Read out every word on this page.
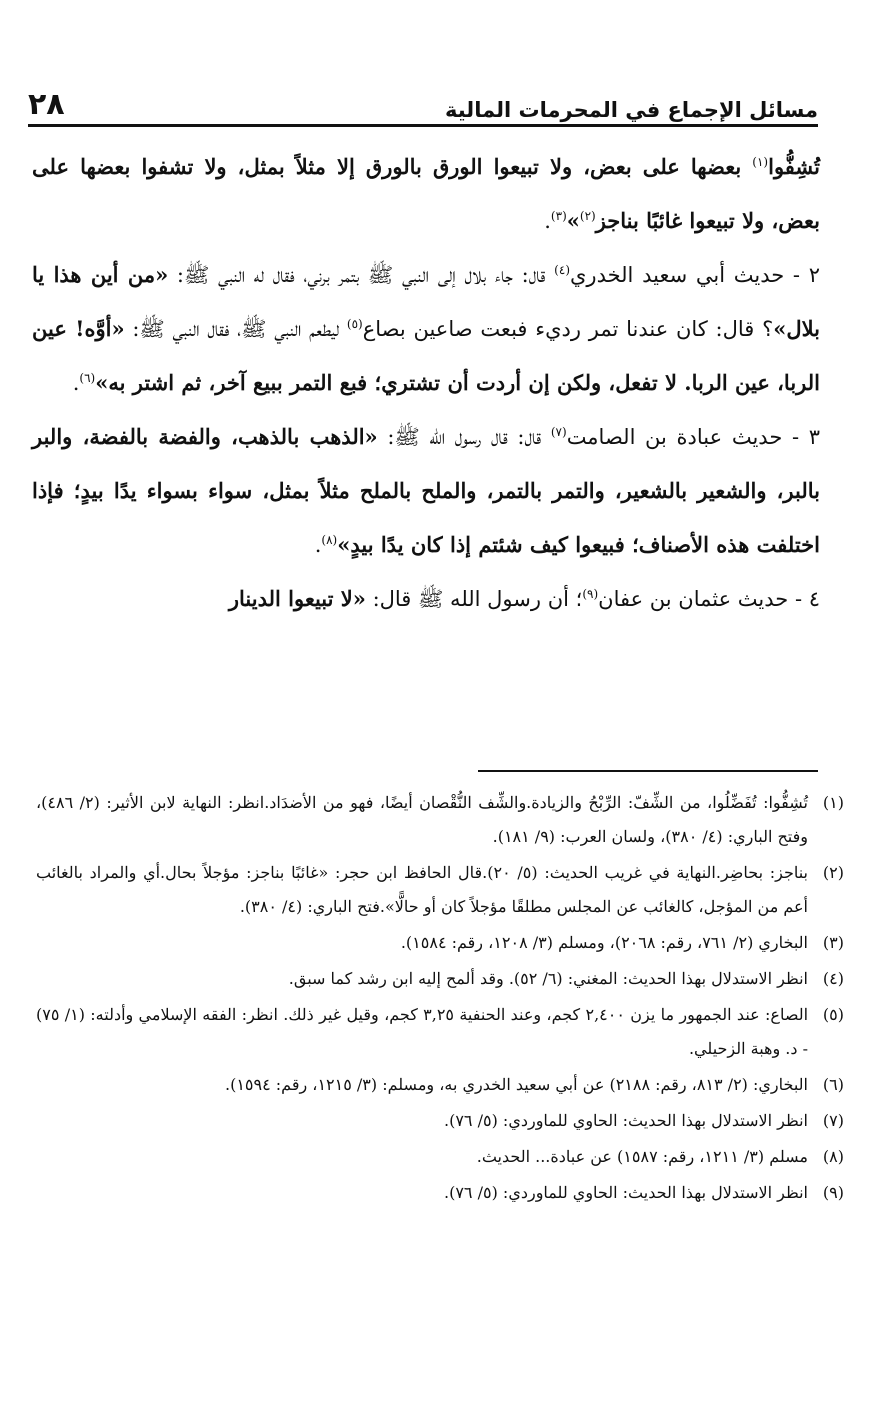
مسائل الإجماع في المحرمات المالية
٢٨

تُشِفُّوا$^{(١)}$ بعضها على بعض، ولا تبيعوا الورق بالورق إلا مثلاً بمثل، ولا تشفوا بعضها على بعض، ولا تبيعوا غائبًا بناجز$^{(٢)}$»$^{(٣)}$.

٢ - حديث أبي سعيد الخدري$^{(٤)}$ قال: جاء بلال إلى النبي ﷺ بتمر برني، فقال له النبي ﷺ: «من أين هذا يا بلال»؟ قال: كان عندنا تمر رديء فبعت صاعين بصاع$^{(٥)}$ ليطعم النبي ﷺ، فقال النبي ﷺ: «أوَّه! عين الربا، عين الربا. لا تفعل، ولكن إن أردت أن تشتري؛ فبع التمر ببيع آخر، ثم اشتر به»$^{(٦)}$.

٣ - حديث عبادة بن الصامت$^{(٧)}$ قال: قال رسول الله ﷺ: «الذهب بالذهب، والفضة بالفضة، والبر بالبر، والشعير بالشعير، والتمر بالتمر، والملح بالملح مثلاً بمثل، سواء بسواء يدًا بيدٍ؛ فإذا اختلفت هذه الأصناف؛ فبيعوا كيف شئتم إذا كان يدًا بيدٍ»$^{(٨)}$.

٤ - حديث عثمان بن عفان$^{(٩)}$؛ أن رسول الله ﷺ قال: «لا تبيعوا الدينار

(١)
تُشِفُّوا: تُفَضِّلُوا، من الشِّفّ: الرِّبْحُ والزيادة.والشِّف النُّقْصان أيضًا، فهو من الأضدَاد.انظر: النهاية لابن الأثير: (٢/ ٤٨٦)، وفتح الباري: (٤/ ٣٨٠)، ولسان العرب: (٩/ ١٨١).
(٢)
بناجز: بحاضِر.النهاية في غريب الحديث: (٥/ ٢٠).قال الحافظ ابن حجر: «غائبًا بناجز: مؤجلاً بحال.أي والمراد بالغائب أعم من المؤجل، كالغائب عن المجلس مطلقًا مؤجلاً كان أو حالًّا».فتح الباري: (٤/ ٣٨٠).
(٣)
البخاري (٢/ ٧٦١، رقم: ٢٠٦٨)، ومسلم (٣/ ١٢٠٨، رقم: ١٥٨٤).
(٤)
انظر الاستدلال بهذا الحديث: المغني: (٦/ ٥٢). وقد ألمح إليه ابن رشد كما سبق.
(٥)
الصاع: عند الجمهور ما يزن ٢,٤٠٠ كجم، وعند الحنفية ٣,٢٥ كجم، وقيل غير ذلك. انظر: الفقه الإسلامي وأدلته: (١/ ٧٥) - د. وهبة الزحيلي.
(٦)
البخاري: (٢/ ٨١٣، رقم: ٢١٨٨) عن أبي سعيد الخدري به، ومسلم: (٣/ ١٢١٥، رقم: ١٥٩٤).
(٧)
انظر الاستدلال بهذا الحديث: الحاوي للماوردي: (٥/ ٧٦).
(٨)
مسلم (٣/ ١٢١١، رقم: ١٥٨٧) عن عبادة... الحديث.
(٩)
انظر الاستدلال بهذا الحديث: الحاوي للماوردي: (٥/ ٧٦).
